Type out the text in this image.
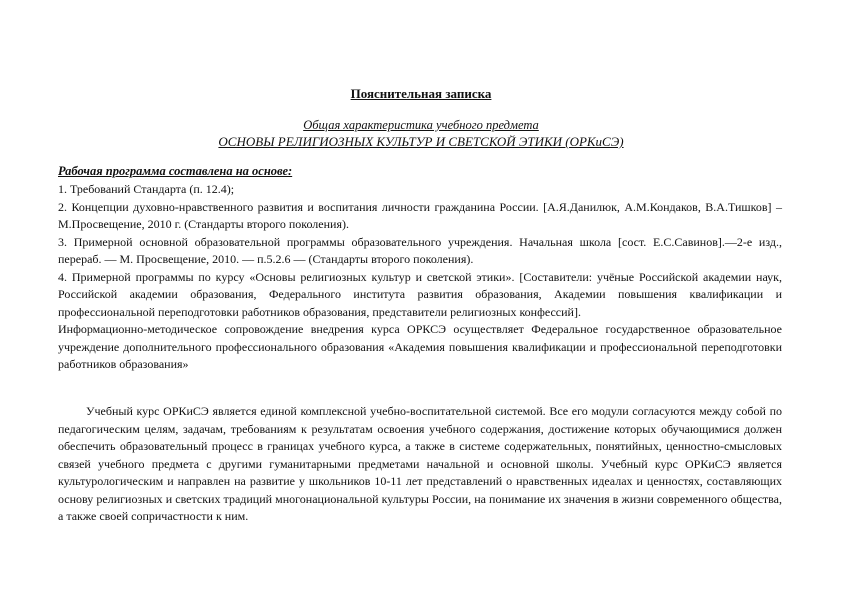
Пояснительная записка
Общая характеристика учебного предмета
ОСНОВЫ РЕЛИГИОЗНЫХ КУЛЬТУР И СВЕТСКОЙ ЭТИКИ (ОРКиСЭ)
Рабочая программа составлена на основе:
1. Требований Стандарта (п. 12.4);
2. Концепции духовно-нравственного развития и воспитания личности гражданина России. [А.Я.Данилюк, А.М.Кондаков, В.А.Тишков] – М.Просвещение, 2010 г. (Стандарты второго поколения).
3. Примерной основной образовательной программы образовательного учреждения. Начальная школа [сост. Е.С.Савинов].—2-е изд., перераб. — М. Просвещение, 2010. — п.5.2.6 — (Стандарты второго поколения).
4. Примерной программы по курсу «Основы религиозных культур и светской этики». [Составители: учёные Российской академии наук, Российской академии образования, Федерального института развития образования, Академии повышения квалификации и профессиональной переподготовки работников образования, представители религиозных конфессий].
Информационно-методическое сопровождение внедрения курса ОРКСЭ осуществляет Федеральное государственное образовательное учреждение дополнительного профессионального образования «Академия повышения квалификации и профессиональной переподготовки работников образования»
Учебный курс ОРКиСЭ является единой комплексной учебно-воспитательной системой. Все его модули согласуются между собой по педагогическим целям, задачам, требованиям к результатам освоения учебного содержания, достижение которых обучающимися должен обеспечить образовательный процесс в границах учебного курса, а также в системе содержательных, понятийных, ценностно-смысловых связей учебного предмета с другими гуманитарными предметами начальной и основной школы. Учебный курс ОРКиСЭ является культурологическим и направлен на развитие у школьников 10-11 лет представлений о нравственных идеалах и ценностях, составляющих основу религиозных и светских традиций многонациональной культуры России, на понимание их значения в жизни современного общества, а также своей сопричастности к ним.
